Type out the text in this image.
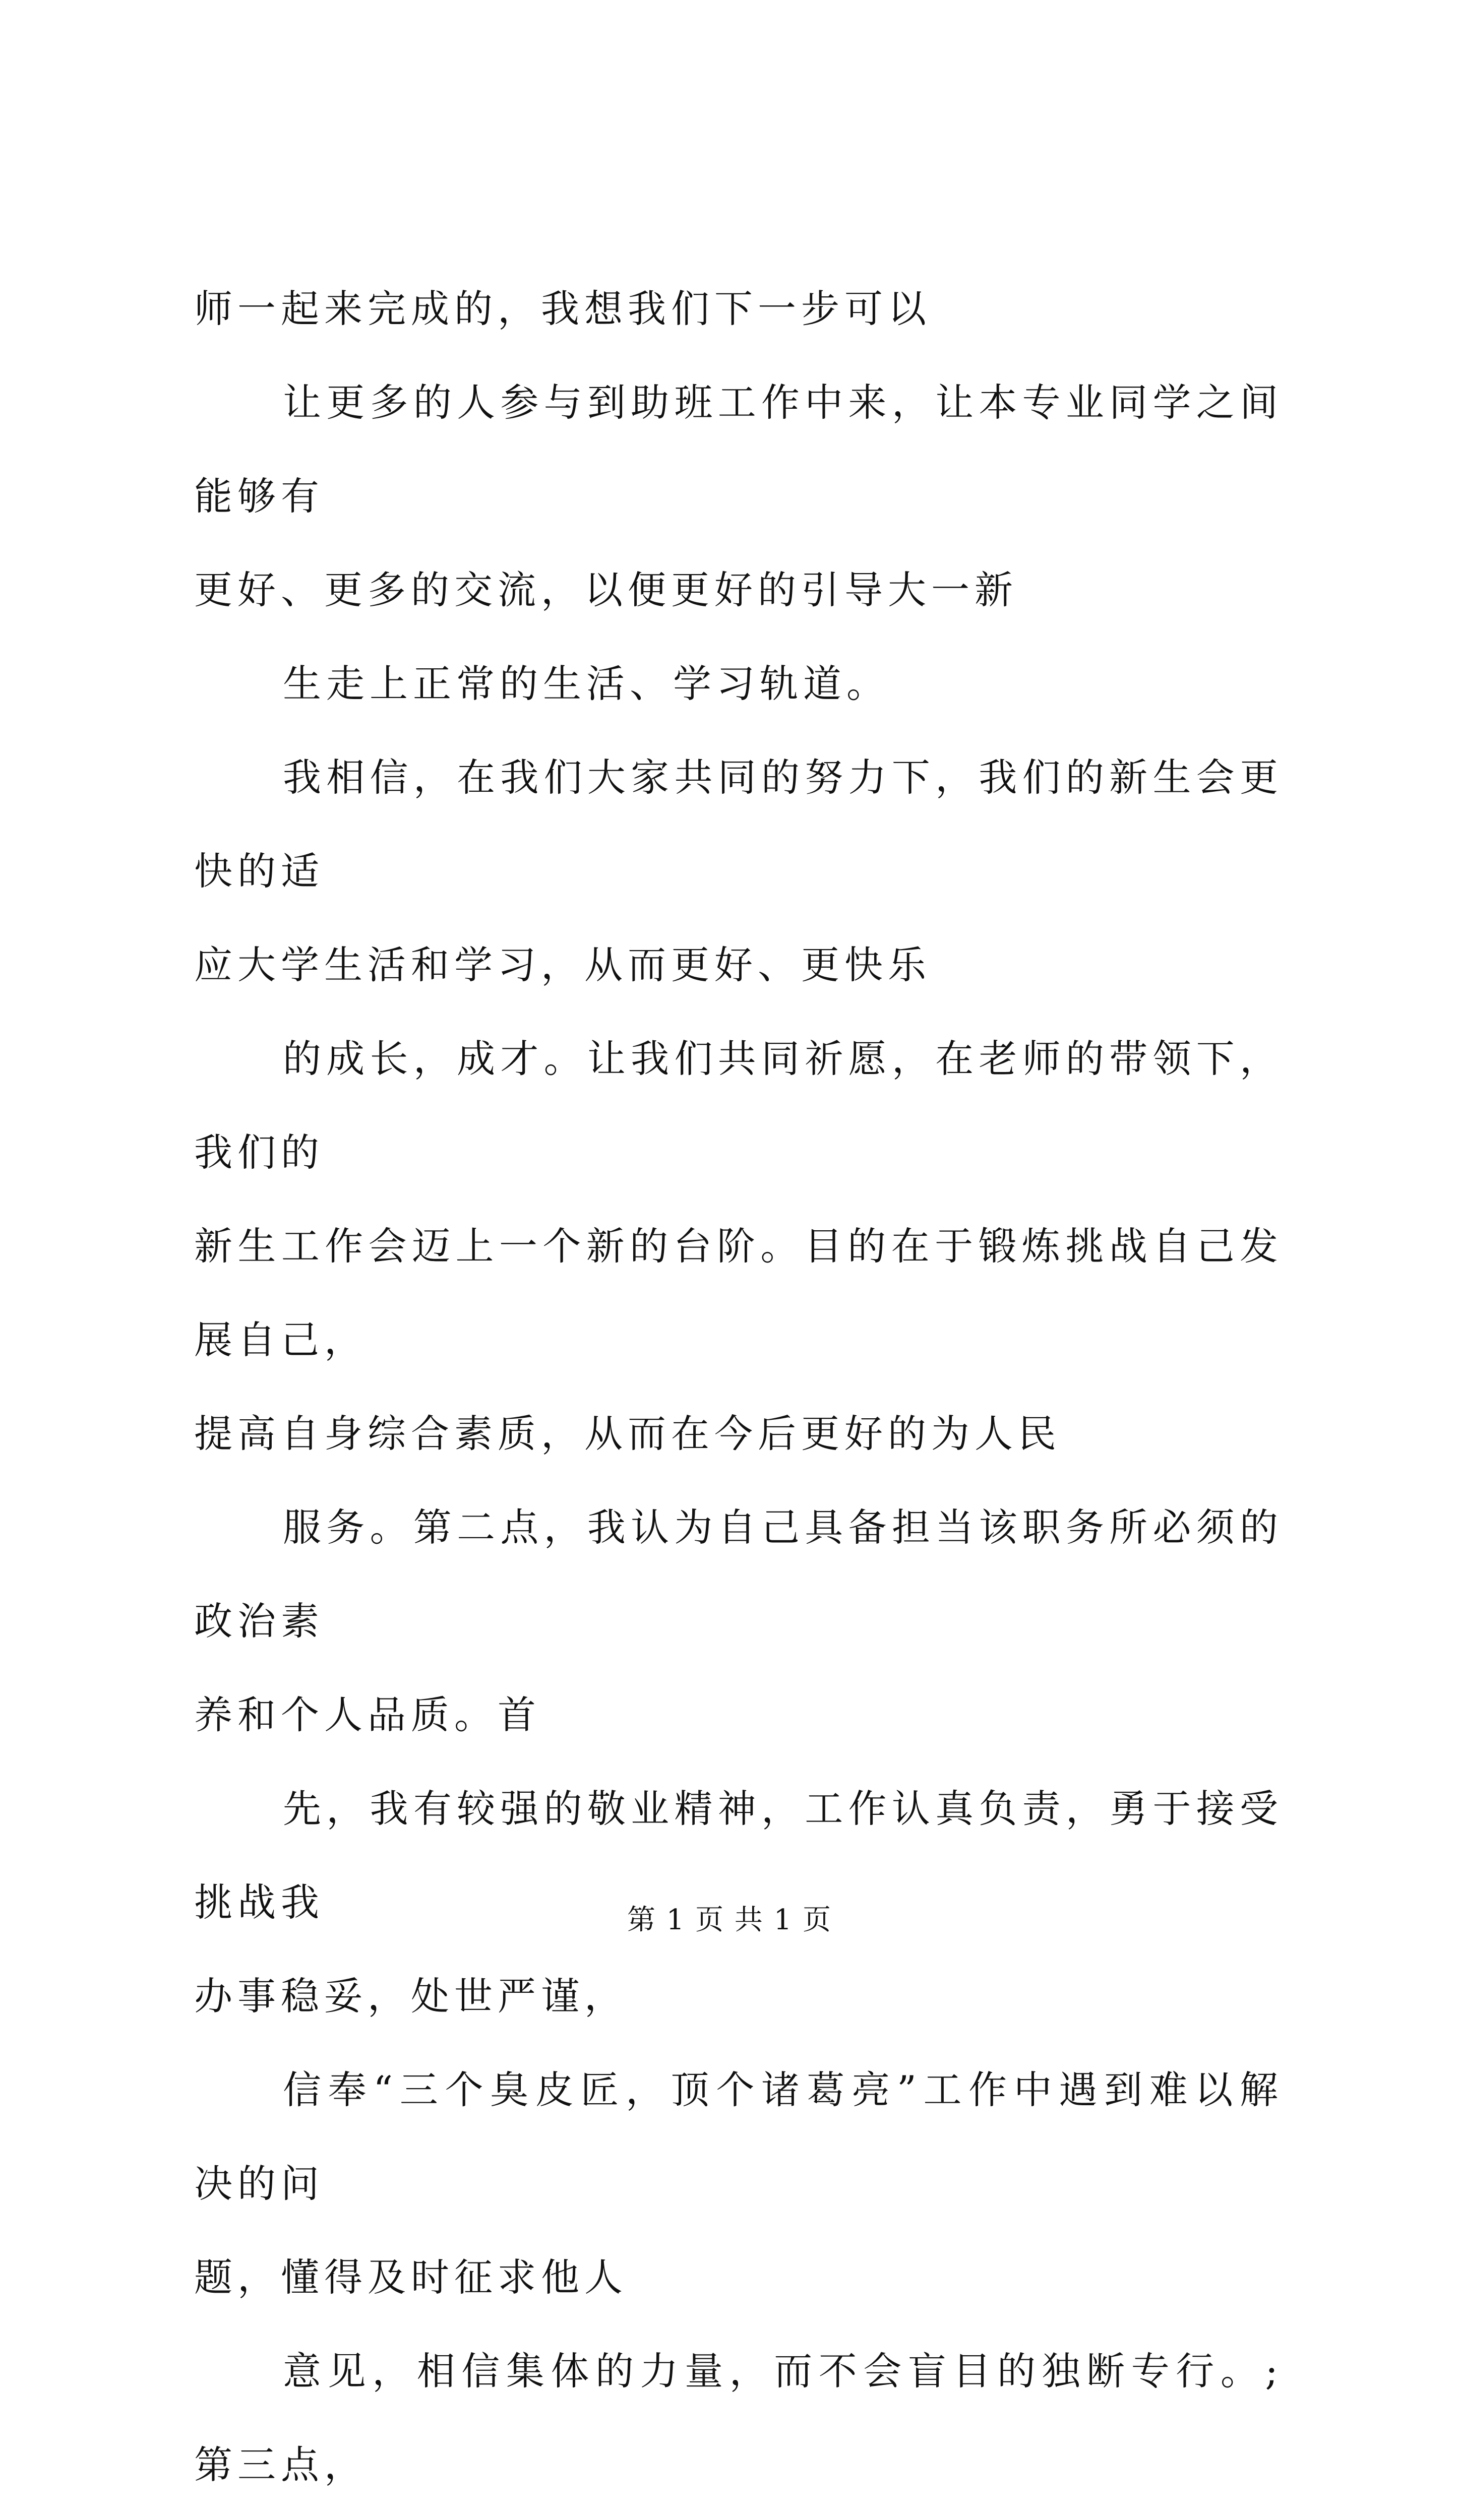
师一起来完成的，我想我们下一步可以
让更多的人参与到助班工作中来，让本专业同学之间能够有
更好、更多的交流，以便更好的引导大一新
生走上正常的生活、学习轨道。
我相信，在我们大家共同的努力下，我们的新生会更快的适
应大学生活和学习，从而更好、更快乐
的成长，成才。让我们共同祈愿，在老师的带领下，我们的
新生工作会迈上一个新的台阶。目的在于锻炼挑战自己发展自己，
提高自身综合素质，从而在今后更好的为人民
服务。第二点，我认为自己具备担当该职务所必须的政治素
养和个人品质。首
先，我有较强的敬业精神，工作认真负责，勇于接受挑战我
办事稳妥，处世严谨，
信奉“三个臭皮匠，顶个诸葛亮”工作中遇到难以解决的问
题，懂得及时征求他人
意见，相信集体的力量，而不会盲目的独断专行。;第三点，
第 1 页 共 1 页
